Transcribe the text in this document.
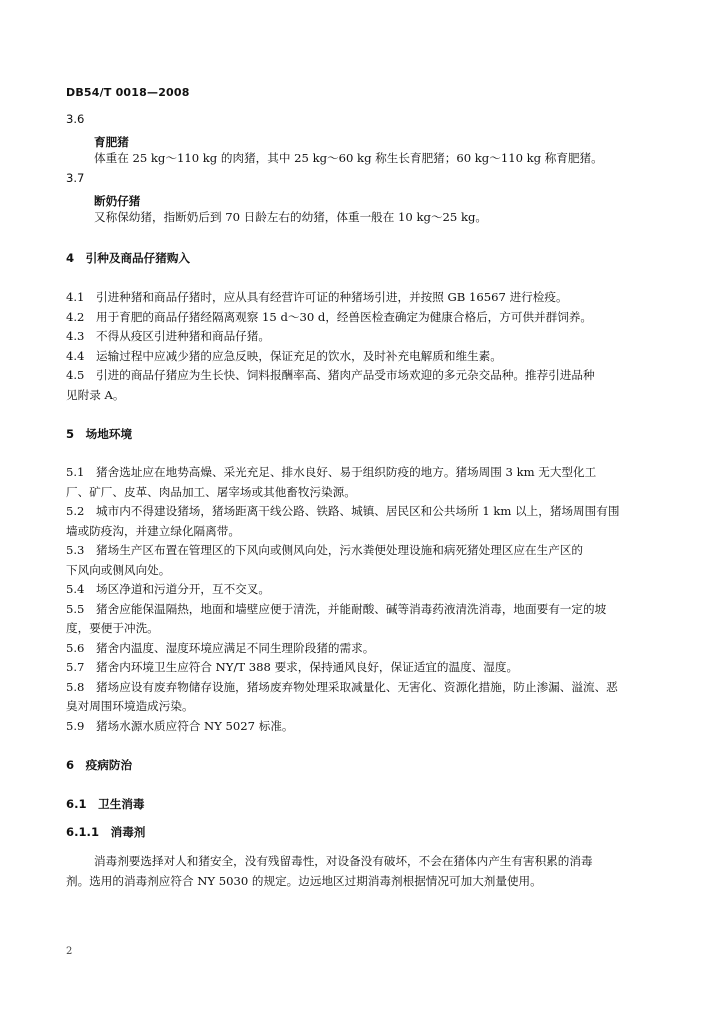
DB54/T 0018—2008
3.6
育肥猪
体重在 25 kg～110 kg 的肉猪，其中 25 kg～60 kg 称生长育肥猪；60 kg～110 kg 称育肥猪。
3.7
断奶仔猪
又称保幼猪，指断奶后到 70 日龄左右的幼猪，体重一般在 10 kg～25 kg。
4　引种及商品仔猪购入
4.1　引进种猪和商品仔猪时，应从具有经营许可证的种猪场引进，并按照 GB 16567 进行检疫。
4.2　用于育肥的商品仔猪经隔离观察 15 d～30 d，经兽医检查确定为健康合格后，方可供并群饲养。
4.3　不得从疫区引进种猪和商品仔猪。
4.4　运输过程中应减少猪的应急反映，保证充足的饮水，及时补充电解质和维生素。
4.5　引进的商品仔猪应为生长快、饲料报酬率高、猪肉产品受市场欢迎的多元杂交品种。推荐引进品种
见附录 A。
5　场地环境
5.1　猪舍选址应在地势高燥、采光充足、排水良好、易于组织防疫的地方。猪场周围 3 km 无大型化工
厂、矿厂、皮革、肉品加工、屠宰场或其他畜牧污染源。
5.2　城市内不得建设猪场，猪场距离干线公路、铁路、城镇、居民区和公共场所 1 km 以上，猪场周围有围
墙或防疫沟，并建立绿化隔离带。
5.3　猪场生产区布置在管理区的下风向或侧风向处，污水粪便处理设施和病死猪处理区应在生产区的
下风向或侧风向处。
5.4　场区净道和污道分开，互不交叉。
5.5　猪舍应能保温隔热，地面和墙壁应便于清洗，并能耐酸、碱等消毒药液清洗消毒，地面要有一定的坡
度，要便于冲洗。
5.6　猪舍内温度、湿度环境应满足不同生理阶段猪的需求。
5.7　猪舍内环境卫生应符合 NY/T 388 要求，保持通风良好，保证适宜的温度、湿度。
5.8　猪场应设有废弃物储存设施，猪场废弃物处理采取减量化、无害化、资源化措施，防止渗漏、溢流、恶
臭对周围环境造成污染。
5.9　猪场水源水质应符合 NY 5027 标准。
6　疫病防治
6.1　卫生消毒
6.1.1　消毒剂
消毒剂要选择对人和猪安全，没有残留毒性，对设备没有破坏，不会在猪体内产生有害积累的消毒
剂。选用的消毒剂应符合 NY 5030 的规定。边远地区过期消毒剂根据情况可加大剂量使用。
2
